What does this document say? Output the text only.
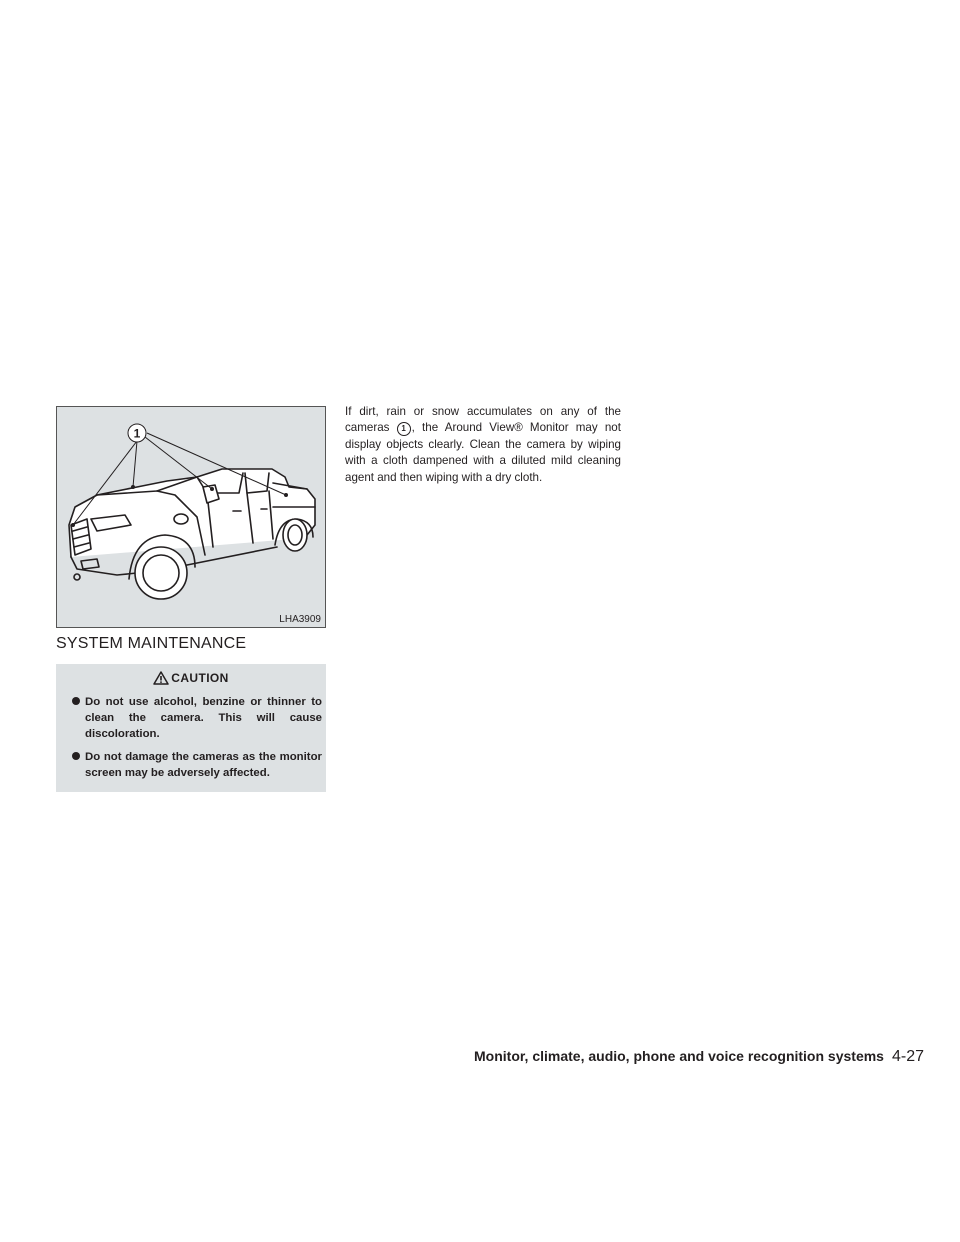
1
LHA3909
SYSTEM MAINTENANCE
CAUTION
Do not use alcohol, benzine or thinner to clean the camera. This will cause discoloration.
Do not damage the cameras as the monitor screen may be adversely affected.
If dirt, rain or snow accumulates on any of the cameras 1 , the Around View® Monitor may not display objects clearly. Clean the camera by wiping with a cloth dampened with a diluted mild cleaning agent and then wiping with a dry cloth.
Monitor, climate, audio, phone and voice recognition systems 4-27
